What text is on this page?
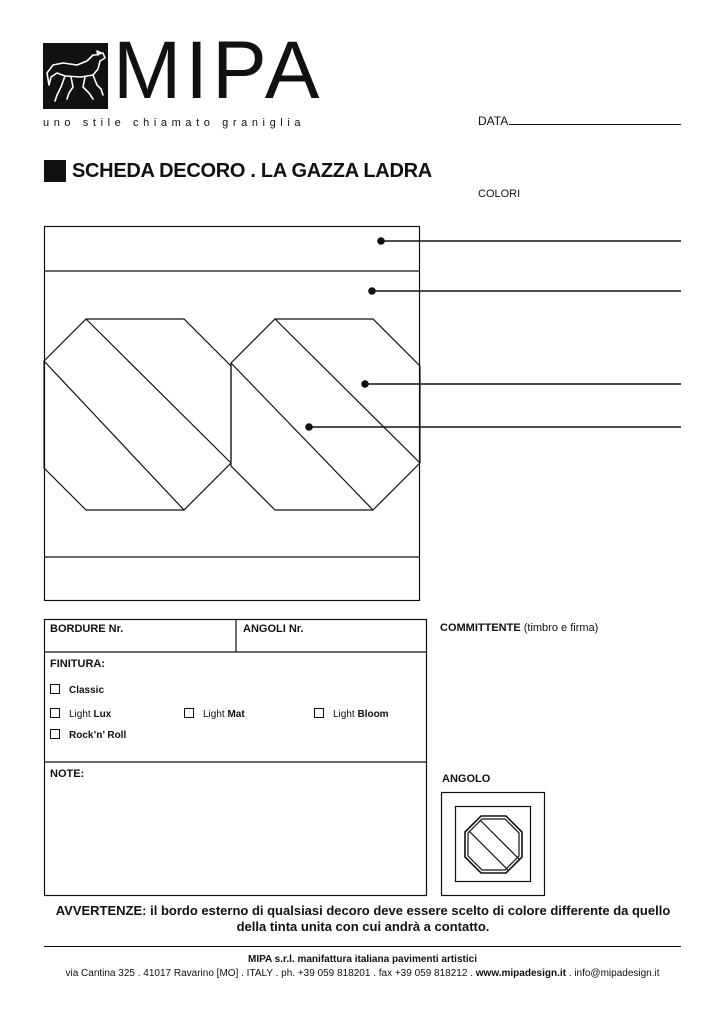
MIPA
uno stile chiamato graniglia	DATA
SCHEDA DECORO . LA GAZZA LADRA
COLORI
BORDURE Nr.	ANGOLI Nr.	COMMITTENTE (timbro e firma)
FINITURA:
Classic
Light Lux	Light Mat	Light Bloom
Rock’n’ Roll
NOTE:	ANGOLO
AVVERTENZE: il bordo esterno di qualsiasi decoro deve essere scelto di colore differente da quello della tinta unita con cui andrà a contatto.
MIPA s.r.l. manifattura italiana pavimenti artistici
via Cantina 325 . 41017 Ravarino [MO] . ITALY . ph. +39 059 818201 . fax +39 059 818212 . www.mipadesign.it . info@mipadesign.it
